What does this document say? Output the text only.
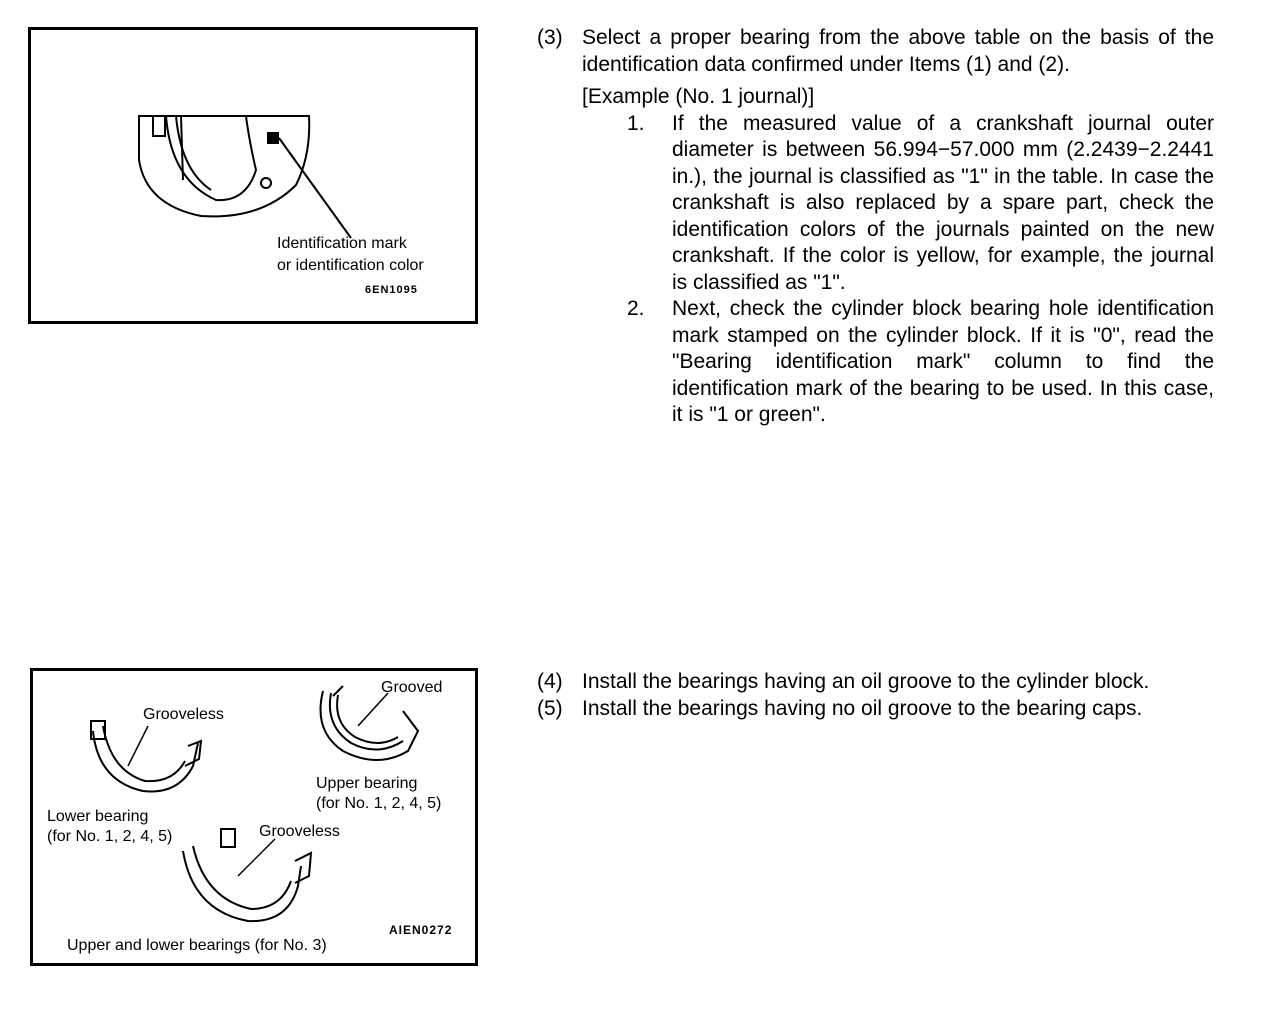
Identification mark
or identification color
6EN1095
(3) Select a proper bearing from the above table on the basis of the identification data confirmed under Items (1) and (2).
[Example (No. 1 journal)]
1. If the measured value of a crankshaft journal outer diameter is between 56.994−57.000 mm (2.2439−2.2441 in.), the journal is classified as "1" in the table. In case the crankshaft is also replaced by a spare part, check the identification colors of the journals painted on the new crankshaft. If the color is yellow, for example, the journal is classified as "1".
2. Next, check the cylinder block bearing hole identification mark stamped on the cylinder block. If it is "0", read the "Bearing identification mark" column to find the identification mark of the bearing to be used. In this case, it is "1 or green".
Grooved
Grooveless
Upper bearing
(for No. 1, 2, 4, 5)
Lower bearing
(for No. 1, 2, 4, 5)	Grooveless
AIEN0272
Upper and lower bearings (for No. 3)
(4) Install the bearings having an oil groove to the cylinder block.
(5) Install the bearings having no oil groove to the bearing caps.
